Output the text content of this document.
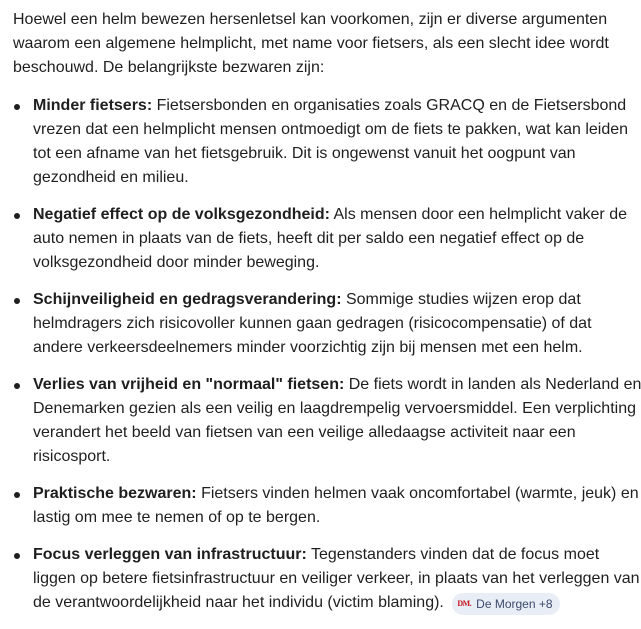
Hoewel een helm bewezen hersenletsel kan voorkomen, zijn er diverse argumenten waarom een algemene helmplicht, met name voor fietsers, als een slecht idee wordt beschouwd. De belangrijkste bezwaren zijn:

Minder fietsers: Fietsersbonden en organisaties zoals GRACQ en de Fietsersbond vrezen dat een helmplicht mensen ontmoedigt om de fiets te pakken, wat kan leiden tot een afname van het fietsgebruik. Dit is ongewenst vanuit het oogpunt van gezondheid en milieu.
Negatief effect op de volksgezondheid: Als mensen door een helmplicht vaker de auto nemen in plaats van de fiets, heeft dit per saldo een negatief effect op de volksgezondheid door minder beweging.
Schijnveiligheid en gedragsverandering: Sommige studies wijzen erop dat helmdragers zich risicovoller kunnen gaan gedragen (risicocompensatie) of dat andere verkeersdeelnemers minder voorzichtig zijn bij mensen met een helm.
Verlies van vrijheid en "normaal" fietsen: De fiets wordt in landen als Nederland en Denemarken gezien als een veilig en laagdrempelig vervoersmiddel. Een verplichting verandert het beeld van fietsen van een veilige alledaagse activiteit naar een risicosport.
Praktische bezwaren: Fietsers vinden helmen vaak oncomfortabel (warmte, jeuk) en lastig om mee te nemen of op te bergen.
Focus verleggen van infrastructuur: Tegenstanders vinden dat de focus moet liggen op betere fietsinfrastructuur en veiliger verkeer, in plaats van het verleggen van de verantwoordelijkheid naar het individu (victim blaming). DM. De Morgen +8
